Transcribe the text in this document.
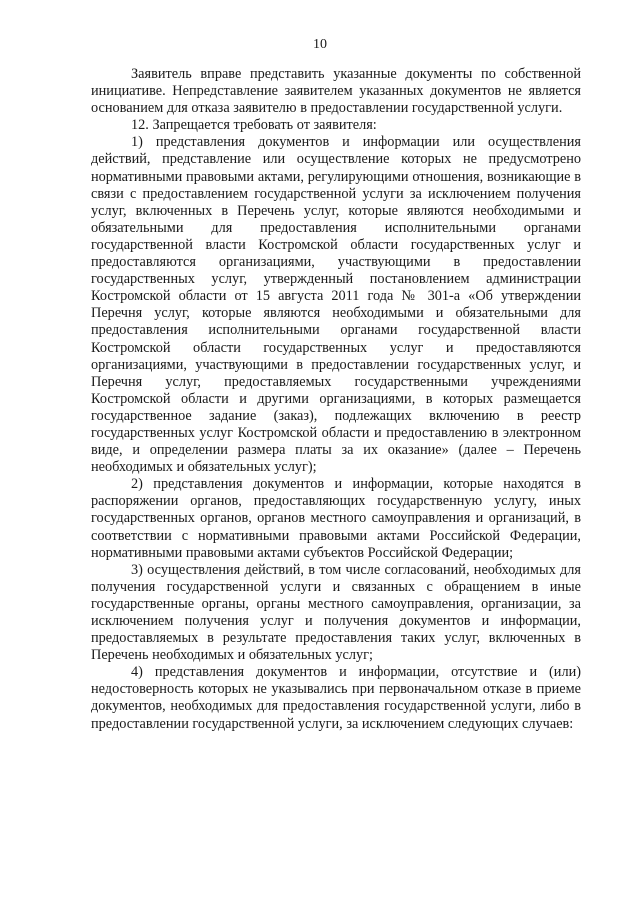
10

Заявитель вправе представить указанные документы по собственной инициативе. Непредставление заявителем указанных документов не является основанием для отказа заявителю в предоставлении государственной услуги.

12. Запрещается требовать от заявителя:

1) представления документов и информации или осуществления действий, представление или осуществление которых не предусмотрено нормативными правовыми актами, регулирующими отношения, возникающие в связи с предоставлением государственной услуги за исключением получения услуг, включенных в Перечень услуг, которые являются необходимыми и обязательными для предоставления исполнительными органами государственной власти Костромской области государственных услуг и предоставляются организациями, участвующими в предоставлении государственных услуг, утвержденный постановлением администрации Костромской области от 15 августа 2011 года № 301-а «Об утверждении Перечня услуг, которые являются необходимыми и обязательными для предоставления исполнительными органами государственной власти Костромской области государственных услуг и предоставляются организациями, участвующими в предоставлении государственных услуг, и Перечня услуг, предоставляемых государственными учреждениями Костромской области и другими организациями, в которых размещается государственное задание (заказ), подлежащих включению в реестр государственных услуг Костромской области и предоставлению в электронном виде, и определении размера платы за их оказание» (далее – Перечень необходимых и обязательных услуг);

2) представления документов и информации, которые находятся в распоряжении органов, предоставляющих государственную услугу, иных государственных органов, органов местного самоуправления и организаций, в соответствии с нормативными правовыми актами Российской Федерации, нормативными правовыми актами субъектов Российской Федерации;

3) осуществления действий, в том числе согласований, необходимых для получения государственной услуги и связанных с обращением в иные государственные органы, органы местного самоуправления, организации, за исключением получения услуг и получения документов и информации, предоставляемых в результате предоставления таких услуг, включенных в Перечень необходимых и обязательных услуг;

4) представления документов и информации, отсутствие и (или) недостоверность которых не указывались при первоначальном отказе в приеме документов, необходимых для предоставления государственной услуги, либо в предоставлении государственной услуги, за исключением следующих случаев:
